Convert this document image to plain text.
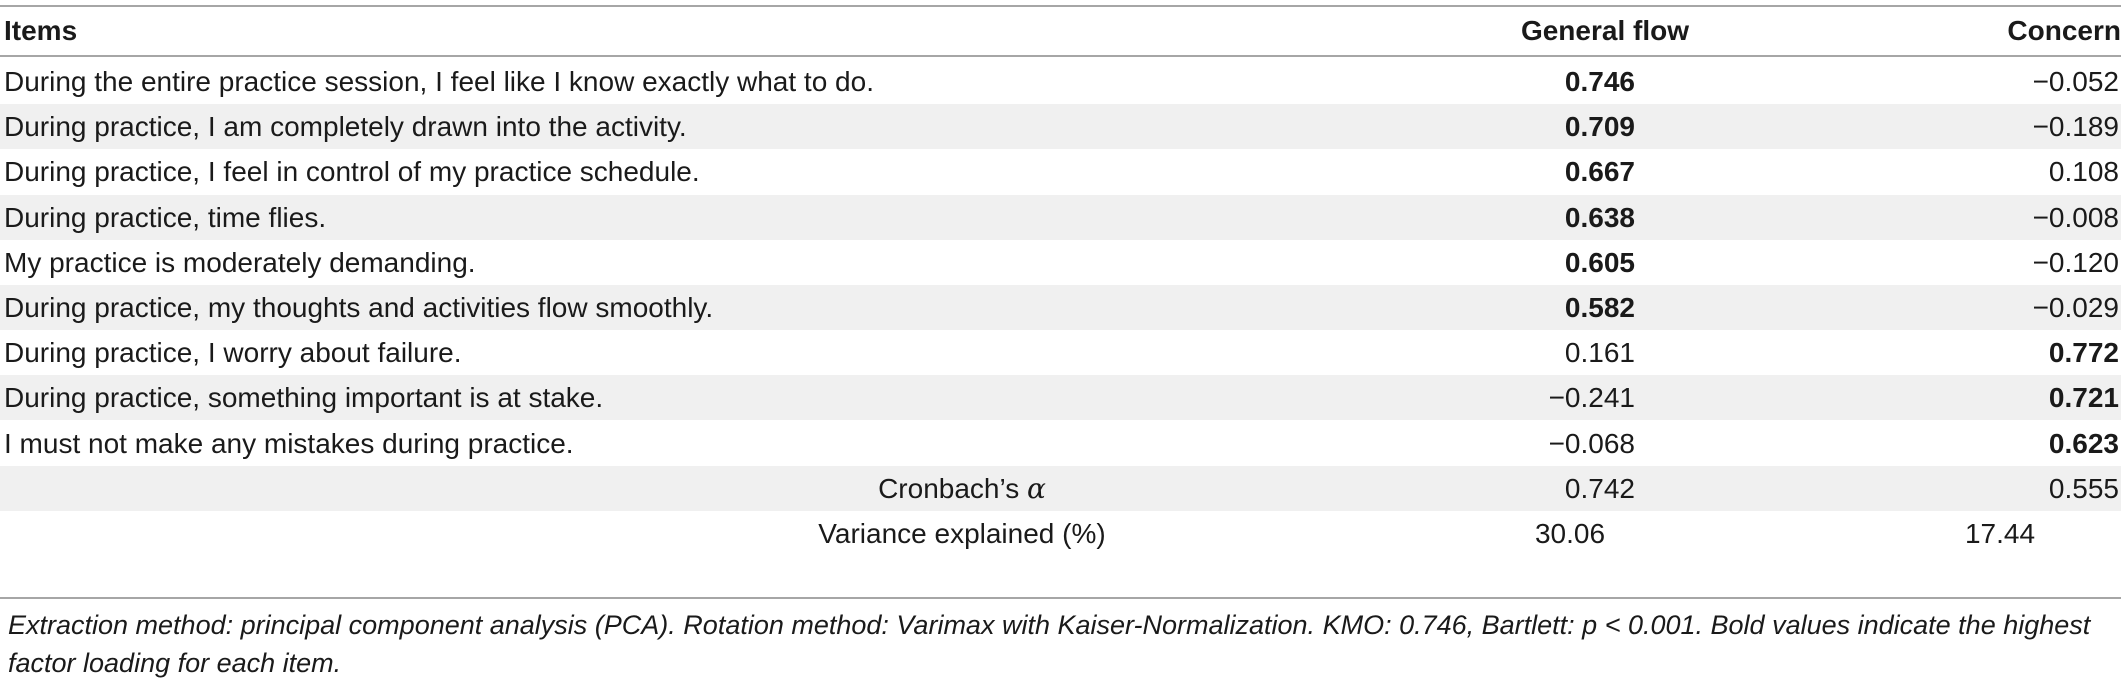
Items	General flow	Concern
During the entire practice session, I feel like I know exactly what to do.	0.746	−0.052
During practice, I am completely drawn into the activity.	0.709	−0.189
During practice, I feel in control of my practice schedule.	0.667	0.108
During practice, time flies.	0.638	−0.008
My practice is moderately demanding.	0.605	−0.120
During practice, my thoughts and activities flow smoothly.	0.582	−0.029
During practice, I worry about failure.	0.161	0.772
During practice, something important is at stake.	−0.241	0.721
I must not make any mistakes during practice.	−0.068	0.623
Cronbach’s α	0.742	0.555
Variance explained (%)	30.06	17.44
Extraction method: principal component analysis (PCA). Rotation method: Varimax with Kaiser-Normalization. KMO: 0.746, Bartlett: p < 0.001. Bold values indicate the highest factor loading for each item.
